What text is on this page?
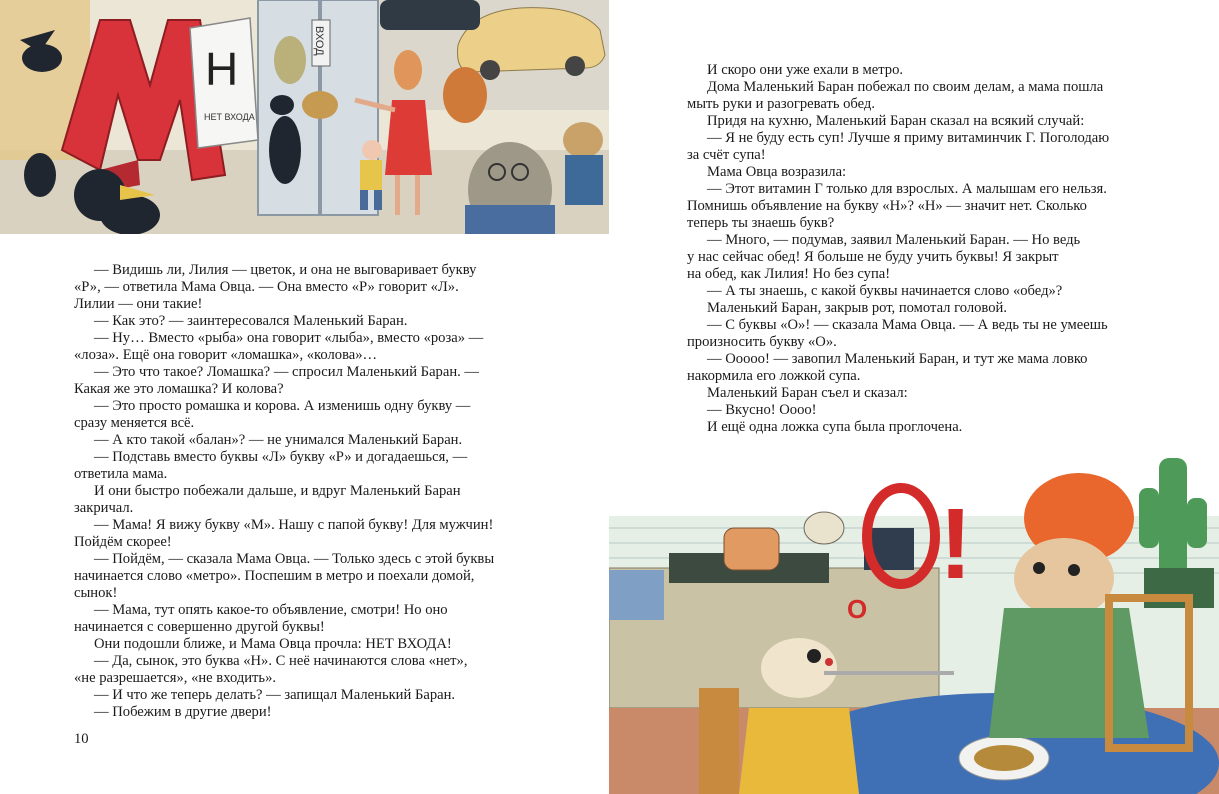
ВХОД
Н
НЕТ ВХОДА
— Видишь ли, Лилия — цветок, и она не выговаривает букву
«Р», — ответила Мама Овца. — Она вместо «Р» говорит «Л».
Лилии — они такие!
— Как это? — заинтересовался Маленький Баран.
— Ну… Вместо «рыба» она говорит «лыба», вместо «роза» —
«лоза». Ещё она говорит «ломашка», «колова»…
— Это что такое? Ломашка? — спросил Маленький Баран. —
Какая же это ломашка? И колова?
— Это просто ромашка и корова. А изменишь одну букву —
сразу меняется всё.
— А кто такой «балан»? — не унимался Маленький Баран.
— Подставь вместо буквы «Л» букву «Р» и догадаешься, —
ответила мама.
И они быстро побежали дальше, и вдруг Маленький Баран
закричал.
— Мама! Я вижу букву «М». Нашу с папой букву! Для мужчин!
Пойдём скорее!
— Пойдём, — сказала Мама Овца. — Только здесь с этой буквы
начинается слово «метро». Поспешим в метро и поехали домой,
сынок!
— Мама, тут опять какое-то объявление, смотри! Но оно
начинается с совершенно другой буквы!
Они подошли ближе, и Мама Овца прочла: НЕТ ВХОДА!
— Да, сынок, это буква «Н». С неё начинаются слова «нет»,
«не разрешается», «не входить».
— И что же теперь делать? — запищал Маленький Баран.
— Побежим в другие двери!
10
И скоро они уже ехали в метро.
Дома Маленький Баран побежал по своим делам, а мама пошла
мыть руки и разогревать обед.
Придя на кухню, Маленький Баран сказал на всякий случай:
— Я не буду есть суп! Лучше я приму витаминчик Г. Поголодаю
за счёт супа!
Мама Овца возразила:
— Этот витамин Г только для взрослых. А малышам его нельзя.
Помнишь объявление на букву «Н»? «Н» — значит нет. Сколько
теперь ты знаешь букв?
— Много, — подумав, заявил Маленький Баран. — Но ведь
у нас сейчас обед! Я больше не буду учить буквы! Я закрыт
на обед, как Лилия! Но без супа!
— А ты знаешь, с какой буквы начинается слово «обед»?
Маленький Баран, закрыв рот, помотал головой.
— С буквы «О»! — сказала Мама Овца. — А ведь ты не умеешь
произносить букву «О».
— Ооооо! — завопил Маленький Баран, и тут же мама ловко
накормила его ложкой супа.
Маленький Баран съел и сказал:
— Вкусно! Оооо!
И ещё одна ложка супа была проглочена.
!
О
